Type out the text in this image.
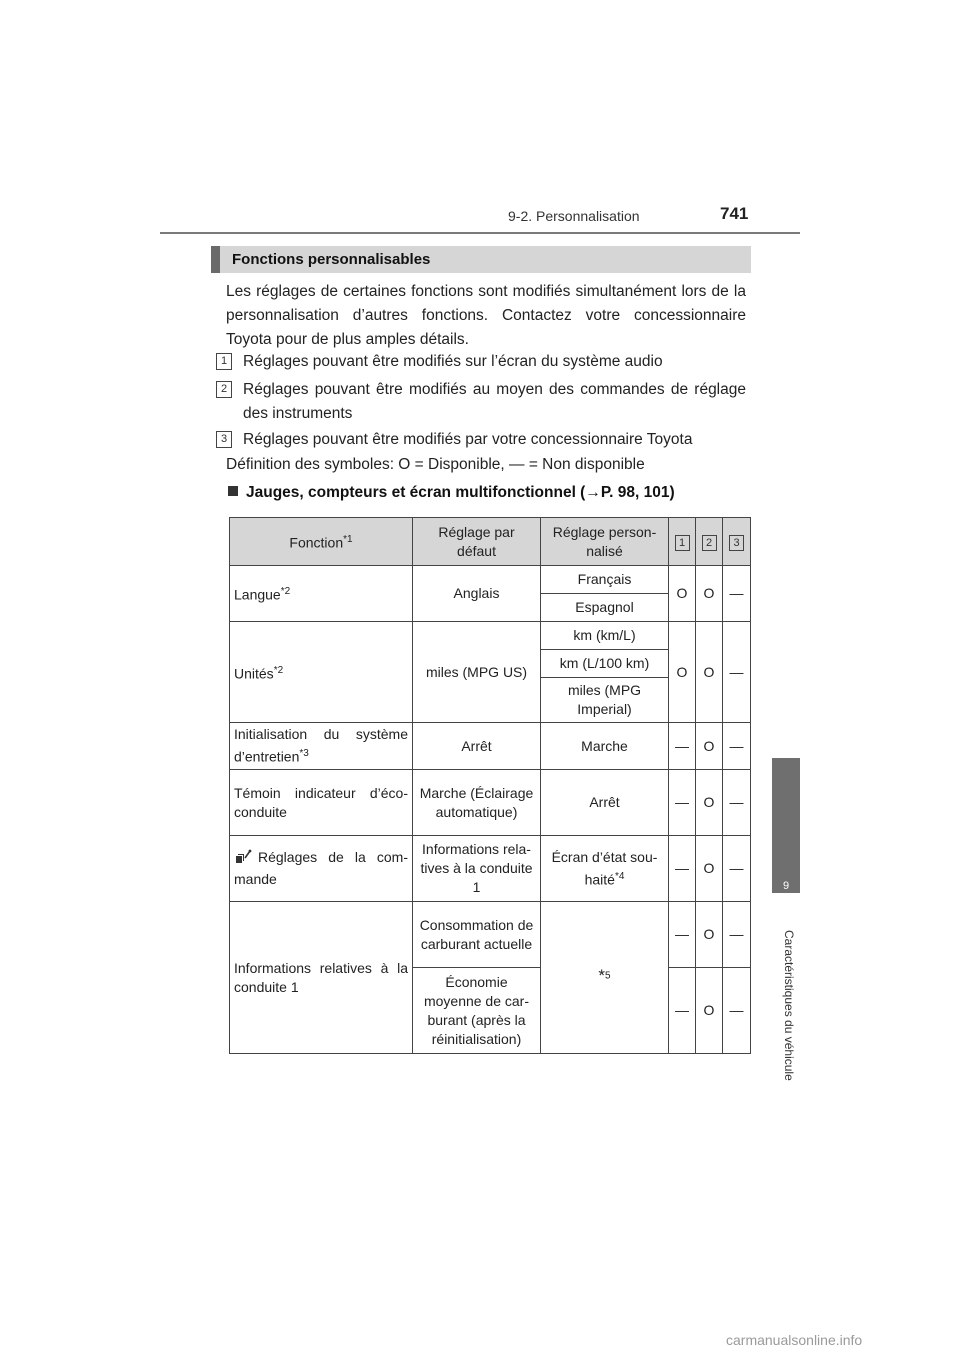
9-2. Personnalisation	741
9
Caractéristiques du véhicule
Fonctions personnalisables
Les réglages de certaines fonctions sont modifiés simultanément lors de la personnalisation d’autres fonctions. Contactez votre concessionnaire Toyota pour de plus amples détails.
1	Réglages pouvant être modifiés sur l’écran du système audio
2	Réglages pouvant être modifiés au moyen des commandes de réglage des instruments
3	Réglages pouvant être modifiés par votre concessionnaire Toyota
Définition des symboles: O = Disponible, — = Non disponible
Jauges, compteurs et écran multifonctionnel (→P. 98, 101)
Fonction$^{*1}$	Réglage par défaut	Réglage personnalisé	1	2	3
Langue$^{*2}$	Anglais	Français	O	O	—
		Espagnol			
Unités$^{*2}$	miles (MPG US)	km (km/L)	O	O	—
		km (L/100 km)			
		miles (MPG Imperial)			
Initialisation du système d’entretien$^{*3}$	Arrêt	Marche	—	O	—
Témoin indicateur d’écoconduite	Marche (Éclairage automatique)	Arrêt	—	O	—
Réglages de la commande	Informations relatives à la conduite 1	Écran d’état souhaité$^{*4}$	—	O	—
Informations relatives à la conduite 1	Consommation de carburant actuelle	*$^5$	—	O	—
	Économie moyenne de carburant (après la réinitialisation)		—	O	—
carmanualsonline.info
